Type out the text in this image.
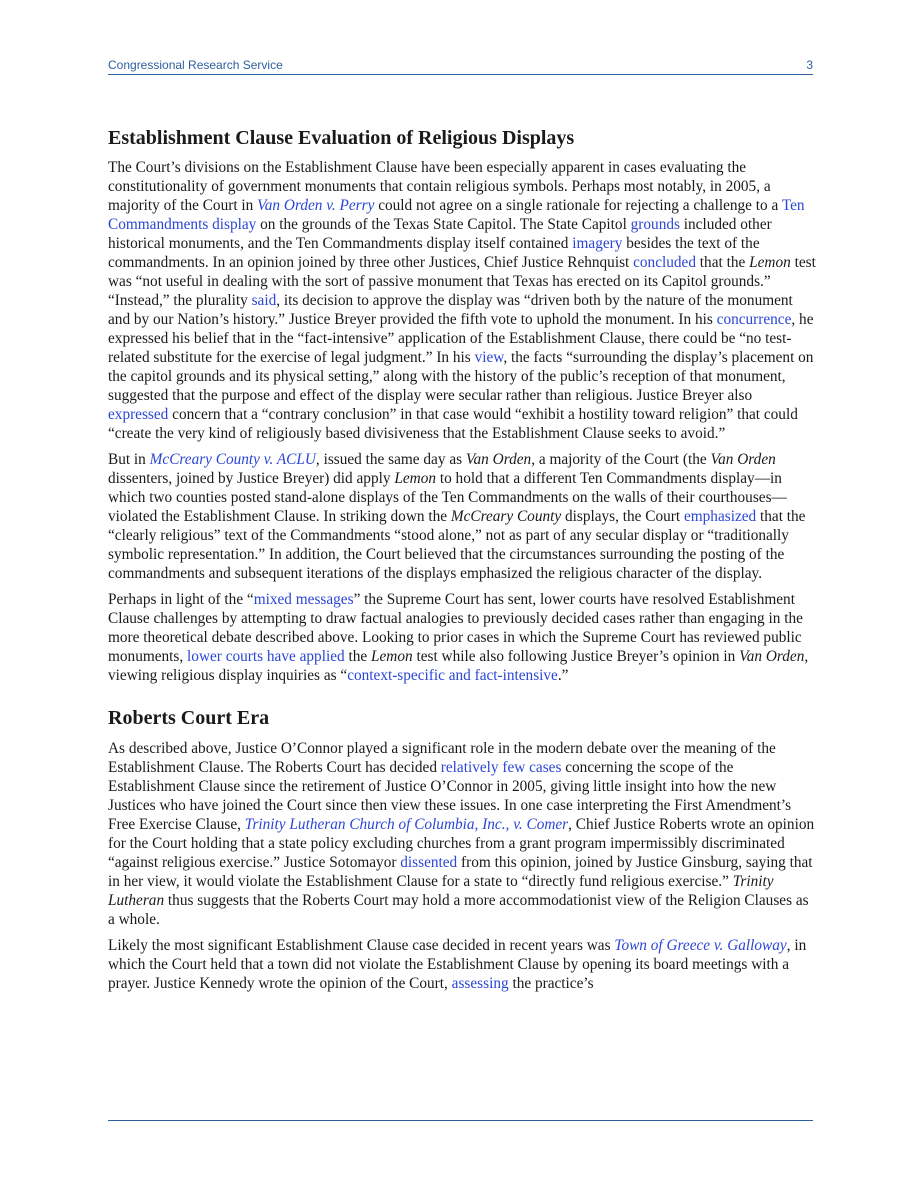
Congressional Research Service	3
Establishment Clause Evaluation of Religious Displays

The Court’s divisions on the Establishment Clause have been especially apparent in cases evaluating the constitutionality of government monuments that contain religious symbols. Perhaps most notably, in 2005, a majority of the Court in Van Orden v. Perry could not agree on a single rationale for rejecting a challenge to a Ten Commandments display on the grounds of the Texas State Capitol. The State Capitol grounds included other historical monuments, and the Ten Commandments display itself contained imagery besides the text of the commandments. In an opinion joined by three other Justices, Chief Justice Rehnquist concluded that the Lemon test was “not useful in dealing with the sort of passive monument that Texas has erected on its Capitol grounds.” “Instead,” the plurality said, its decision to approve the display was “driven both by the nature of the monument and by our Nation’s history.” Justice Breyer provided the fifth vote to uphold the monument. In his concurrence, he expressed his belief that in the “fact-intensive” application of the Establishment Clause, there could be “no test-related substitute for the exercise of legal judgment.” In his view, the facts “surrounding the display’s placement on the capitol grounds and its physical setting,” along with the history of the public’s reception of that monument, suggested that the purpose and effect of the display were secular rather than religious. Justice Breyer also expressed concern that a “contrary conclusion” in that case would “exhibit a hostility toward religion” that could “create the very kind of religiously based divisiveness that the Establishment Clause seeks to avoid.”

But in McCreary County v. ACLU, issued the same day as Van Orden, a majority of the Court (the Van Orden dissenters, joined by Justice Breyer) did apply Lemon to hold that a different Ten Commandments display—in which two counties posted stand-alone displays of the Ten Commandments on the walls of their courthouses—violated the Establishment Clause. In striking down the McCreary County displays, the Court emphasized that the “clearly religious” text of the Commandments “stood alone,” not as part of any secular display or “traditionally symbolic representation.” In addition, the Court believed that the circumstances surrounding the posting of the commandments and subsequent iterations of the displays emphasized the religious character of the display.

Perhaps in light of the “mixed messages” the Supreme Court has sent, lower courts have resolved Establishment Clause challenges by attempting to draw factual analogies to previously decided cases rather than engaging in the more theoretical debate described above. Looking to prior cases in which the Supreme Court has reviewed public monuments, lower courts have applied the Lemon test while also following Justice Breyer’s opinion in Van Orden, viewing religious display inquiries as “context-specific and fact-intensive.”

Roberts Court Era

As described above, Justice O’Connor played a significant role in the modern debate over the meaning of the Establishment Clause. The Roberts Court has decided relatively few cases concerning the scope of the Establishment Clause since the retirement of Justice O’Connor in 2005, giving little insight into how the new Justices who have joined the Court since then view these issues. In one case interpreting the First Amendment’s Free Exercise Clause, Trinity Lutheran Church of Columbia, Inc., v. Comer, Chief Justice Roberts wrote an opinion for the Court holding that a state policy excluding churches from a grant program impermissibly discriminated “against religious exercise.” Justice Sotomayor dissented from this opinion, joined by Justice Ginsburg, saying that in her view, it would violate the Establishment Clause for a state to “directly fund religious exercise.” Trinity Lutheran thus suggests that the Roberts Court may hold a more accommodationist view of the Religion Clauses as a whole.

Likely the most significant Establishment Clause case decided in recent years was Town of Greece v. Galloway, in which the Court held that a town did not violate the Establishment Clause by opening its board meetings with a prayer. Justice Kennedy wrote the opinion of the Court, assessing the practice’s
